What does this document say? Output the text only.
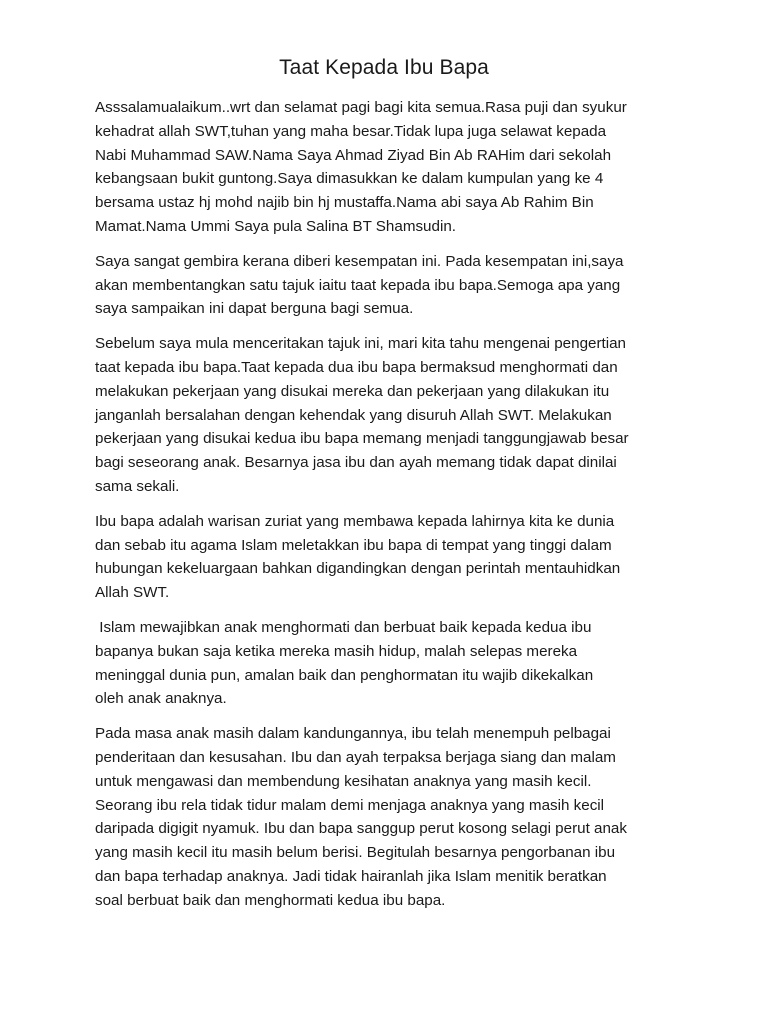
Taat Kepada Ibu Bapa
Asssalamualaikum..wrt dan selamat pagi bagi kita semua.Rasa puji dan syukur
kehadrat allah SWT,tuhan yang maha besar.Tidak lupa juga selawat kepada
Nabi Muhammad SAW.Nama Saya Ahmad Ziyad Bin Ab RAHim dari sekolah
kebangsaan bukit guntong.Saya dimasukkan ke dalam kumpulan yang ke 4
bersama ustaz hj mohd najib bin hj mustaffa.Nama abi saya Ab Rahim Bin
Mamat.Nama Ummi Saya pula Salina BT Shamsudin.
Saya sangat gembira kerana diberi kesempatan ini. Pada kesempatan ini,saya
akan membentangkan satu tajuk iaitu taat kepada ibu bapa.Semoga apa yang
saya sampaikan ini dapat berguna bagi semua.
Sebelum saya mula menceritakan tajuk ini, mari kita tahu mengenai pengertian
taat kepada ibu bapa.Taat kepada dua ibu bapa bermaksud menghormati dan
melakukan pekerjaan yang disukai mereka dan pekerjaan yang dilakukan itu
janganlah bersalahan dengan kehendak yang disuruh Allah SWT. Melakukan
pekerjaan yang disukai kedua ibu bapa memang menjadi tanggungjawab besar
bagi seseorang anak. Besarnya jasa ibu dan ayah memang tidak dapat dinilai
sama sekali.
Ibu bapa adalah warisan zuriat yang membawa kepada lahirnya kita ke dunia
dan sebab itu agama Islam meletakkan ibu bapa di tempat yang tinggi dalam
hubungan kekeluargaan bahkan digandingkan dengan perintah mentauhidkan
Allah SWT.
Islam mewajibkan anak menghormati dan berbuat baik kepada kedua ibu
bapanya bukan saja ketika mereka masih hidup, malah selepas mereka
meninggal dunia pun, amalan baik dan penghormatan itu wajib dikekalkan
oleh anak anaknya.
Pada masa anak masih dalam kandungannya, ibu telah menempuh pelbagai
penderitaan dan kesusahan. Ibu dan ayah terpaksa berjaga siang dan malam
untuk mengawasi dan membendung kesihatan anaknya yang masih kecil.
Seorang ibu rela tidak tidur malam demi menjaga anaknya yang masih kecil
daripada digigit nyamuk. Ibu dan bapa sanggup perut kosong selagi perut anak
yang masih kecil itu masih belum berisi. Begitulah besarnya pengorbanan ibu
dan bapa terhadap anaknya. Jadi tidak hairanlah jika Islam menitik beratkan
soal berbuat baik dan menghormati kedua ibu bapa.
